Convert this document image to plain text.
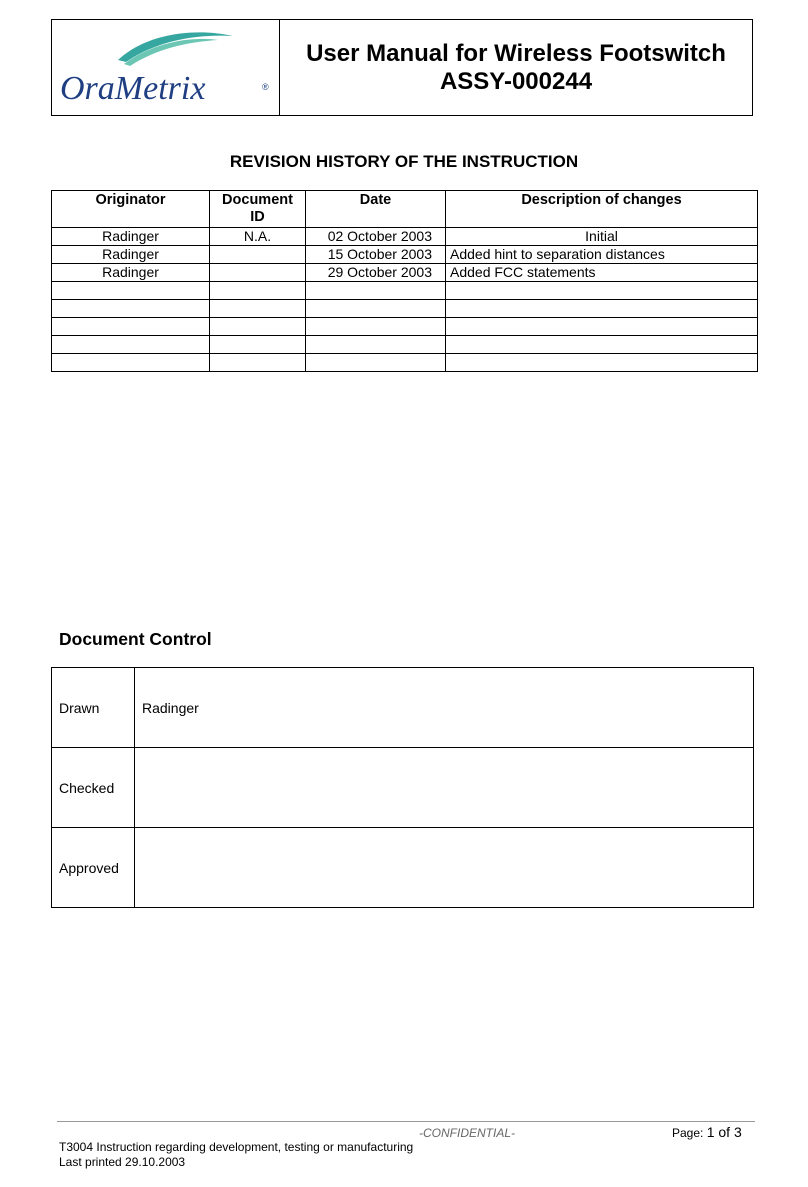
OraMetrix	®
User Manual for Wireless Footswitch
ASSY-000244
REVISION HISTORY OF THE INSTRUCTION
Originator	Document ID	Date	Description of changes
Radinger	N.A.	02 October 2003	Initial
Radinger		15 October 2003	Added hint to separation distances
Radinger		29 October 2003	Added FCC statements

Document Control
Drawn	Radinger
Checked	
Approved	
-CONFIDENTIAL-	Page: 1 of 3
T3004 Instruction regarding development, testing or manufacturing
Last printed 29.10.2003
